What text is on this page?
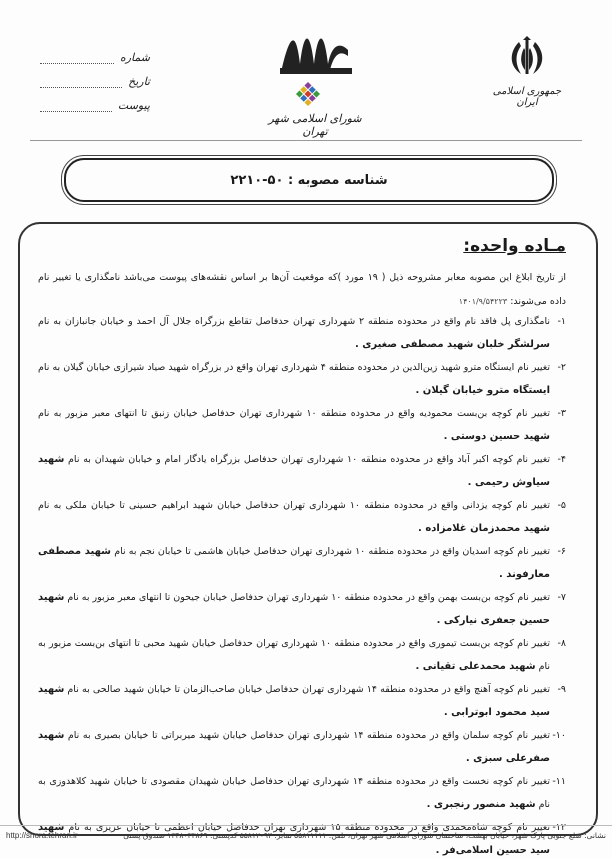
شماره
تاریخ
پیوست
شورای اسلامی شهر تهران
جمهوری اسلامی ایران
شناسه مصوبه : ۵۰-۲۲۱۰
مـاده واحده:
از تاریخ ابلاغ این مصوبه معابر مشروحه ذیل ( ۱۹ مورد )که موقعیت آن‌ها بر اساس نقشه‌های پیوست می‌باشد نامگذاری یا تغییر نام داده می‌شوند: ۱۴۰۱/۹/۵۴۲۲۳
۱-
نامگذاری پل فاقد نام واقع در محدوده منطقه ۲ شهرداری تهران حدفاصل تقاطع بزرگراه جلال آل احمد و خیابان جانبازان به نام سرلشگر خلبان شهید مصطفی صغیری .
۲-
تغییر نام ایستگاه مترو شهید زین‌الدین در محدوده منطقه ۴ شهرداری تهران واقع در بزرگراه شهید صیاد شیرازی خیابان گیلان به نام ایستگاه مترو خیابان گیلان .
۳-
تغییر نام کوچه بن‌بست محمودیه واقع در محدوده منطقه ۱۰ شهرداری تهران حدفاصل خیابان زنبق تا انتهای معبر مزبور به نام شهید حسین دوستی .
۴-
تغییر نام کوچه اکبر آباد واقع در محدوده منطقه ۱۰ شهرداری تهران حدفاصل بزرگراه یادگار امام و خیابان شهیدان به نام شهید سیاوش رحیمی .
۵-
تغییر نام کوچه یزدانی واقع در محدوده منطقه ۱۰ شهرداری تهران حدفاصل خیابان شهید ابراهیم حسینی تا خیابان ملکی به نام شهید محمدزمان غلامزاده .
۶-
تغییر نام کوچه اسدیان واقع در محدوده منطقه ۱۰ شهرداری تهران حدفاصل خیابان هاشمی تا خیابان نجم به نام شهید مصطفی معارفوند .
۷-
تغییر نام کوچه بن‌بست بهمن واقع در محدوده منطقه ۱۰ شهرداری تهران حدفاصل خیابان جیحون تا انتهای معبر مزبور به نام شهید حسین جعفری نیارکی .
۸-
تغییر نام کوچه بن‌بست تیموری واقع در محدوده منطقه ۱۰ شهرداری تهران حدفاصل خیابان شهید محبی تا انتهای بن‌بست مزبور به نام شهید محمدعلی تقیانی .
۹-
تغییر نام کوچه آهنچ واقع در محدوده منطقه ۱۴ شهرداری تهران حدفاصل خیابان صاحب‌الزمان تا خیابان شهید صالحی به نام شهید سید محمود ابوترابی .
۱۰-
تغییر نام کوچه سلمان واقع در محدوده منطقه ۱۴ شهرداری تهران حدفاصل خیابان شهید میربراتی تا خیابان بصیری به نام شهید صفرعلی سبزی .
۱۱-
تغییر نام کوچه نخست واقع در محدوده منطقه ۱۴ شهرداری تهران حدفاصل خیابان شهیدان مقصودی تا خیابان شهید کلاهدوزی به نام شهید منصور رنجبری .
۱۲-
تغییر نام کوچه شاه‌محمدی واقع در محدوده منطقه ۱۵ شهرداری تهران حدفاصل خیابان اعظمی تا خیابان عزیزی به نام شهید سید حسین اسلامی‌فر .
نشانی: ضلع جنوبی پارک شهر، خیابان بهشت، ساختمان شورای اسلامی شهر تهران، تلفن: ۵۵۸۱۱۱۱۱ نمابر: ۵۵۸۱۲۰۹۳ کدپستی: ۱۳۴۸۰۳۳۸۶۹ صندوق پستی
http://shora.tehran.ir
